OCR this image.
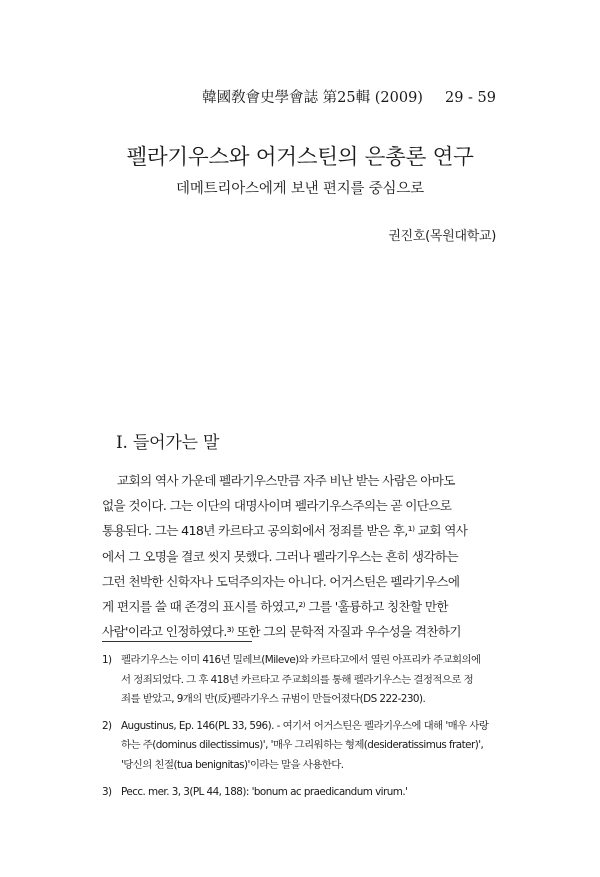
韓國敎會史學會誌 第25輯 (2009) 29 - 59
펠라기우스와 어거스틴의 은총론 연구
데메트리아스에게 보낸 편지를 중심으로
권진호(목원대학교)
I. 들어가는 말
교회의 역사 가운데 펠라기우스만큼 자주 비난 받는 사람은 아마도
없을 것이다. 그는 이단의 대명사이며 펠라기우스주의는 곧 이단으로
통용된다. 그는 418년 카르타고 공의회에서 정죄를 받은 후,¹⁾ 교회 역사
에서 그 오명을 결코 씻지 못했다. 그러나 펠라기우스는 흔히 생각하는
그런 천박한 신학자나 도덕주의자는 아니다. 어거스틴은 펠라기우스에
게 편지를 쓸 때 존경의 표시를 하였고,²⁾ 그를 '훌륭하고 칭찬할 만한
사람'이라고 인정하였다.³⁾ 또한 그의 문학적 자질과 우수성을 격찬하기
1) 펠라기우스는 이미 416년 밀레브(Mileve)와 카르타고에서 열린 아프리카 주교회의에
서 정죄되었다. 그 후 418년 카르타고 주교회의를 통해 펠라기우스는 결정적으로 정
죄를 받았고, 9개의 반(反)펠라기우스 규범이 만들어졌다(DS 222-230).
2) Augustinus, Ep. 146(PL 33, 596). - 여기서 어거스틴은 펠라기우스에 대해 '매우 사랑
하는 주(dominus dilectissimus)', '매우 그리워하는 형제(desideratissimus frater)',
'당신의 친절(tua benignitas)'이라는 말을 사용한다.
3) Pecc. mer. 3, 3(PL 44, 188): 'bonum ac praedicandum virum.'
